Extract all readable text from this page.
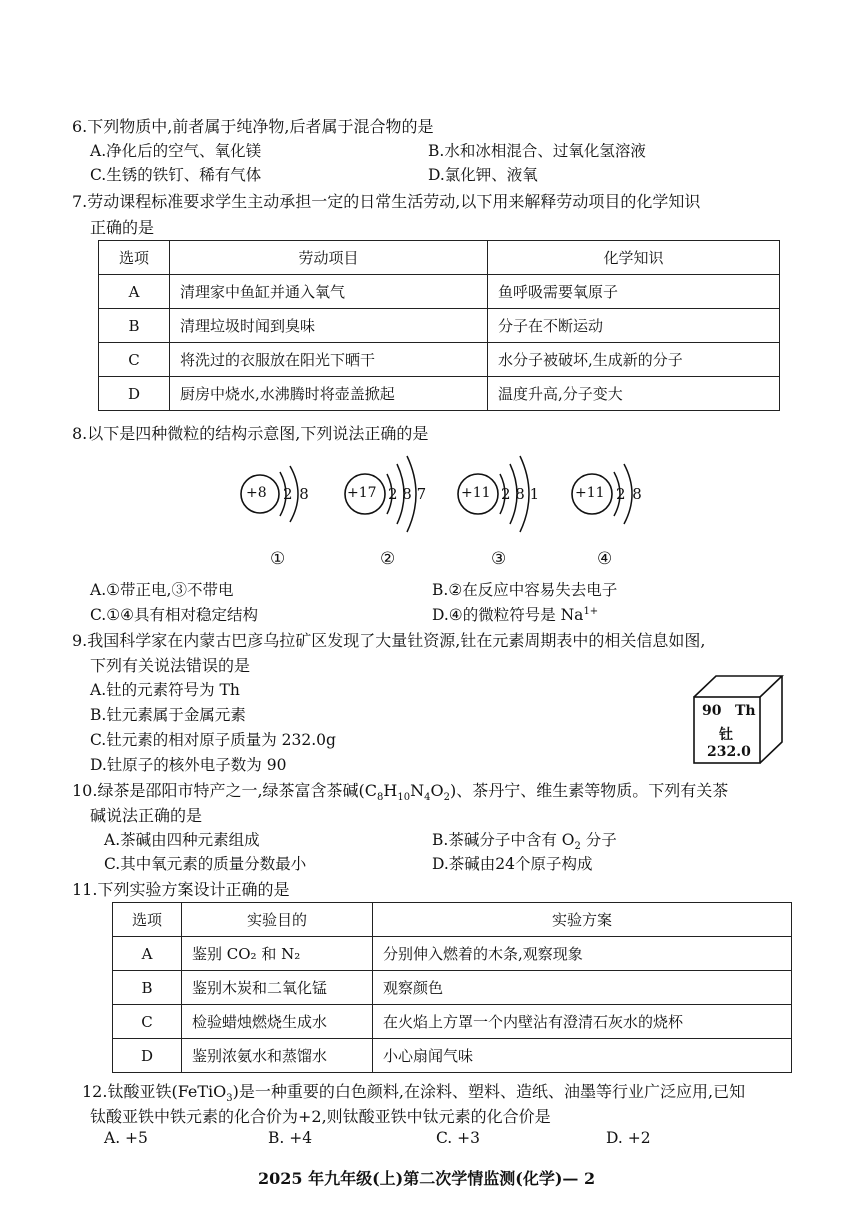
6.下列物质中,前者属于纯净物,后者属于混合物的是
A.净化后的空气、氧化镁	B.水和冰相混合、过氧化氢溶液
C.生锈的铁钉、稀有气体	D.氯化钾、液氧
7.劳动课程标准要求学生主动承担一定的日常生活劳动,以下用来解释劳动项目的化学知识
正确的是
选项	劳动项目	化学知识
A	清理家中鱼缸并通入氧气	鱼呼吸需要氧原子
B	清理垃圾时闻到臭味	分子在不断运动
C	将洗过的衣服放在阳光下晒干	水分子被破坏,生成新的分子
D	厨房中烧水,水沸腾时将壶盖掀起	温度升高,分子变大
8.以下是四种微粒的结构示意图,下列说法正确的是
+8 2 8
①
+17 2 8 7
②
+11 2 8 1
③
+11 2 8
④
A.①带正电,③不带电	B.②在反应中容易失去电子
C.①④具有相对稳定结构	D.④的微粒符号是 $Na^{1+}$
9.我国科学家在内蒙古巴彦乌拉矿区发现了大量钍资源,钍在元素周期表中的相关信息如图,
下列有关说法错误的是
A.钍的元素符号为 Th
B.钍元素属于金属元素
C.钍元素的相对原子质量为 232.0g
D.钍原子的核外电子数为 90
90 Th
钍
232.0
10.绿茶是邵阳市特产之一,绿茶富含茶碱$(C_8H_{10}N_4O_2)$、茶丹宁、维生素等物质。下列有关茶
碱说法正确的是
A.茶碱由四种元素组成	B.茶碱分子中含有 $O_2$ 分子
C.其中氧元素的质量分数最小	D.茶碱由24个原子构成
11.下列实验方案设计正确的是
选项	实验目的	实验方案
A	鉴别 CO₂ 和 N₂	分别伸入燃着的木条,观察现象
B	鉴别木炭和二氧化锰	观察颜色
C	检验蜡烛燃烧生成水	在火焰上方罩一个内壁沾有澄清石灰水的烧杯
D	鉴别浓氨水和蒸馏水	小心扇闻气味
12.钛酸亚铁(FeTiO$_3$)是一种重要的白色颜料,在涂料、塑料、造纸、油墨等行业广泛应用,已知
钛酸亚铁中铁元素的化合价为+2,则钛酸亚铁中钛元素的化合价是
A. +5	B. +4	C. +3	D. +2
2025 年九年级(上)第二次学情监测(化学)— 2
